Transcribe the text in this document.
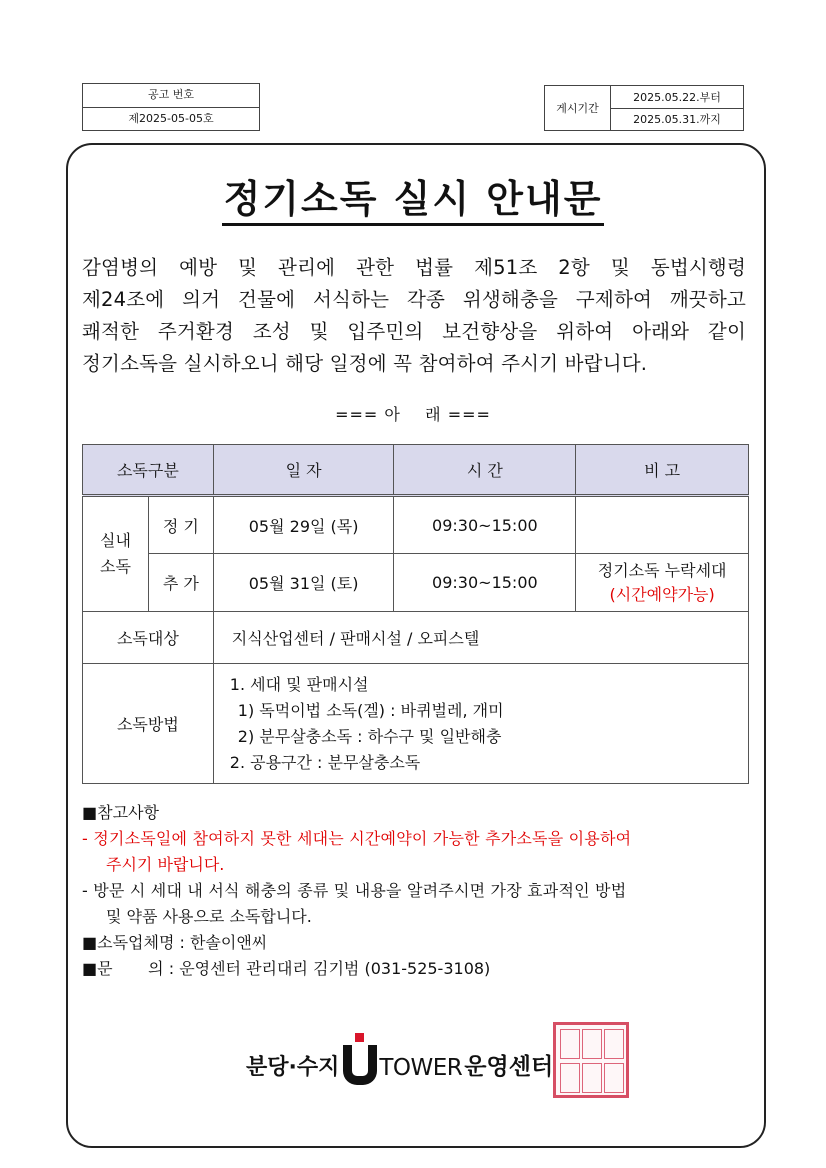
공고 번호
제2025-05-05호
게시기간
2025.05.22.부터
2025.05.31.까지
정기소독 실시 안내문
감염병의 예방 및 관리에 관한 법률 제51조 2항 및 동법시행령
제24조에 의거 건물에 서식하는 각종 위생해충을 구제하여 깨끗하고
쾌적한 주거환경 조성 및 입주민의 보건향상을 위하여 아래와 같이
정기소독을 실시하오니 해당 일정에 꼭 참여하여 주시기 바랍니다.
=== 아    래 ===
소독구분		일 자	시 간	비 고

실내
소독	정 기	05월 29일 (목)	09:30~15:00	
	추 가	05월 31일 (토)	09:30~15:00	정기소독 누락세대
(시간예약가능)

소독대상		지식산업센터 / 판매시설 / 오피스텔		
소독방법		1. 세대 및 판매시설
1) 독먹이법 소독(겔) : 바퀴벌레, 개미
2) 분무살충소독 : 하수구 및 일반해충
2. 공용구간 : 분무살충소독		
■참고사항
- 정기소독일에 참여하지 못한 세대는 시간예약이 가능한 추가소독을 이용하여
주시기 바랍니다.
- 방문 시 세대 내 서식 해충의 종류 및 내용을 알려주시면 가장 효과적인 방법
및 약품 사용으로 소독합니다.
■소독업체명 : 한솔이앤씨
■문       의 : 운영센터 관리대리 김기범 (031-525-3108)
분당·수지 TOWER 운영센터
